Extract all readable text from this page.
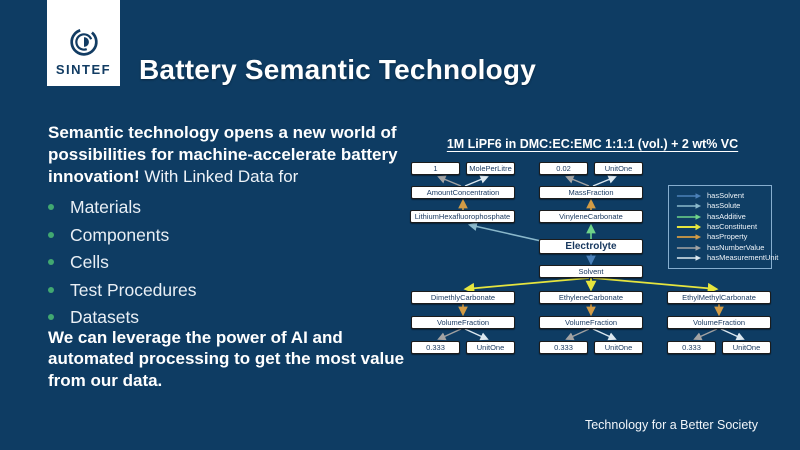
SINTEF Battery Semantic Technology
Semantic technology opens a new world of possibilities for machine-accelerate battery innovation! With Linked Data for
Materials
Components
Cells
Test Procedures
Datasets
We can leverage the power of AI and automated processing to get the most value from our data.
Technology for a Better Society
1M LiPF6 in DMC:EC:EMC 1:1:1 (vol.) + 2 wt% VC
1	MolePerLitre	0.02	UnitOne
AmountConcentration	MassFraction
LithiumHexafluorophosphate	VinyleneCarbonate
Electrolyte
Solvent
DimethlyCarbonate	EthyleneCarbonate	EthylMethylCarbonate
VolumeFraction	VolumeFraction	VolumeFraction
0.333	UnitOne	0.333	UnitOne	0.333	UnitOne
hasSolvent
hasSolute
hasAdditive
hasConstituent
hasProperty
hasNumberValue
hasMeasurementUnit
